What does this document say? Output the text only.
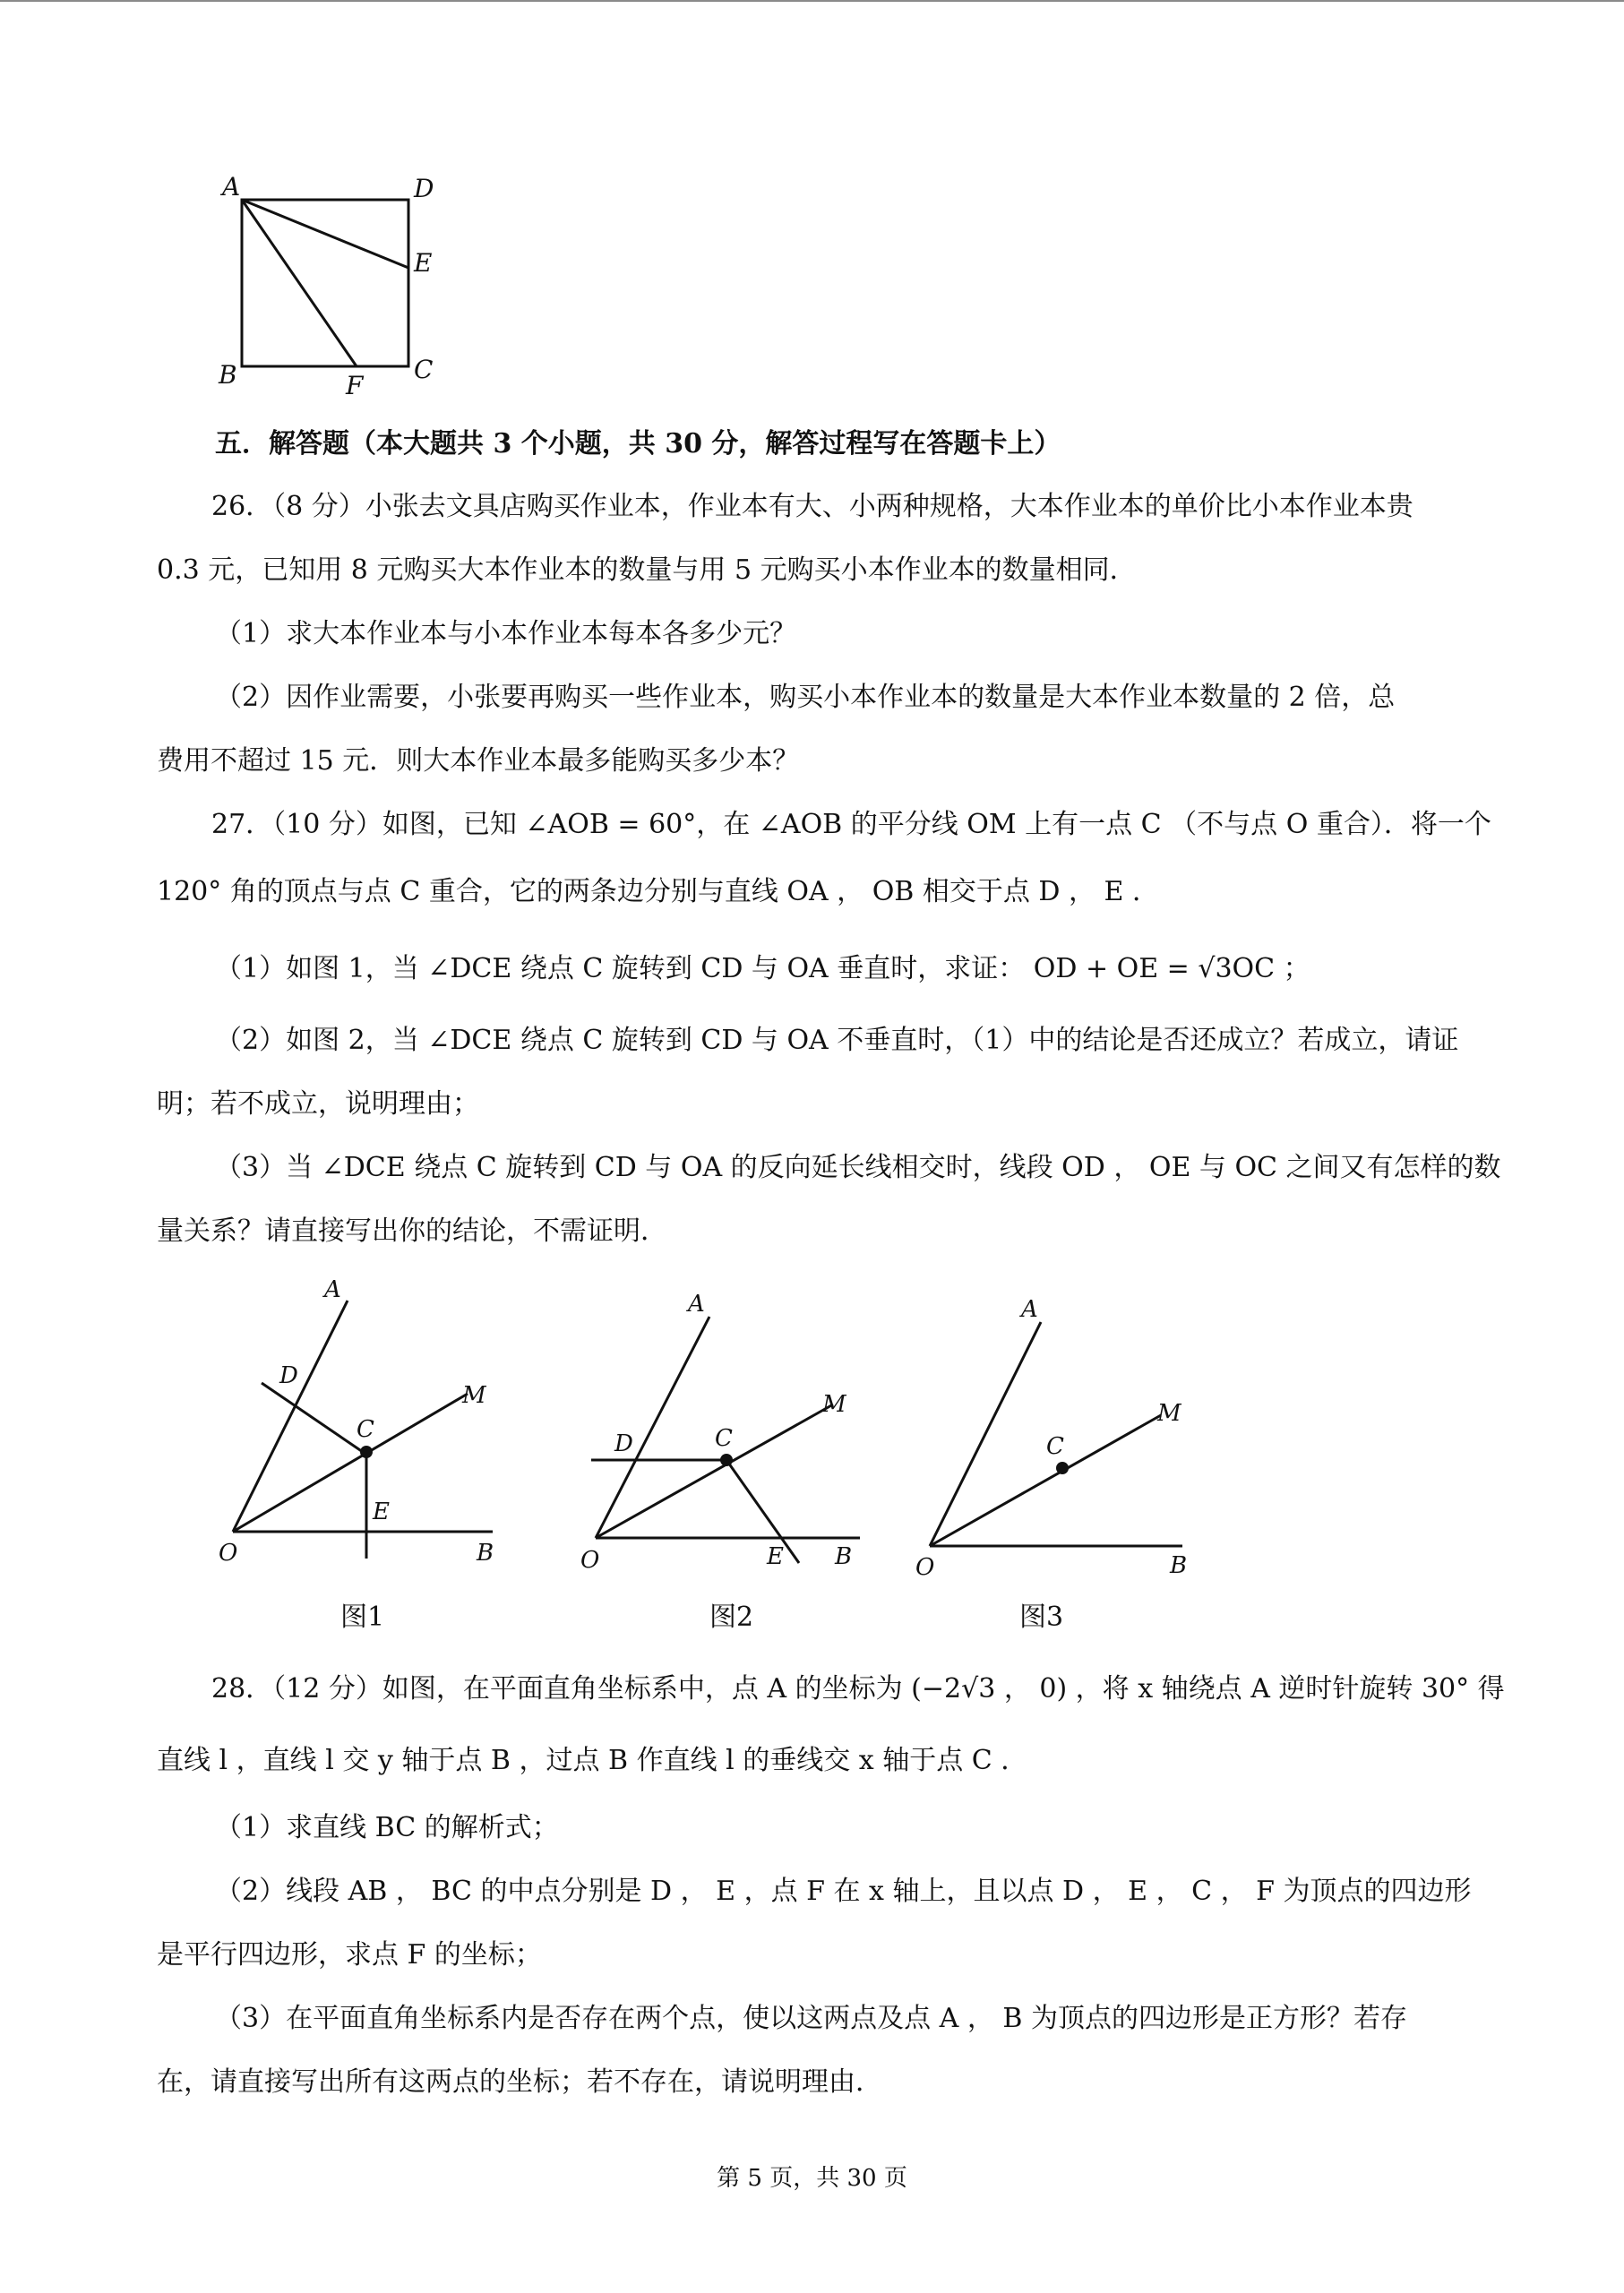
A	D
E
B	F
C

五．解答题（本大题共 3 个小题，共 30 分，解答过程写在答题卡上）

26．（8 分）小张去文具店购买作业本，作业本有大、小两种规格，大本作业本的单价比小本作业本贵

0.3 元，已知用 8 元购买大本作业本的数量与用 5 元购买小本作业本的数量相同．

（1）求大本作业本与小本作业本每本各多少元？

（2）因作业需要，小张要再购买一些作业本，购买小本作业本的数量是大本作业本数量的 2 倍，总

费用不超过 15 元．则大本作业本最多能购买多少本？

27．（10 分）如图，已知 ∠AOB = 60°，在 ∠AOB 的平分线 OM 上有一点 C （不与点 O 重合）．将一个

120° 角的顶点与点 C 重合，它的两条边分别与直线 OA ， OB 相交于点 D ， E ．

（1）如图 1，当 ∠DCE 绕点 C 旋转到 CD 与 OA 垂直时，求证： OD + OE = √3OC ；

（2）如图 2，当 ∠DCE 绕点 C 旋转到 CD 与 OA 不垂直时，（1）中的结论是否还成立？若成立，请证

明；若不成立，说明理由；

（3）当 ∠DCE 绕点 C 旋转到 CD 与 OA 的反向延长线相交时，线段 OD ， OE 与 OC 之间又有怎样的数

量关系？请直接写出你的结论，不需证明．

A
D
C
M
E
O	B
图1
A
D	C
M
O	E B
图2
A
C
M
O	B
图3

28．（12 分）如图，在平面直角坐标系中，点 A 的坐标为 (−2√3 ， 0) ，将 x 轴绕点 A 逆时针旋转 30° 得

直线 l ，直线 l 交 y 轴于点 B ，过点 B 作直线 l 的垂线交 x 轴于点 C ．

（1）求直线 BC 的解析式；

（2）线段 AB ， BC 的中点分别是 D ， E ，点 F 在 x 轴上，且以点 D ， E ， C ， F 为顶点的四边形

是平行四边形，求点 F 的坐标；

（3）在平面直角坐标系内是否存在两个点，使以这两点及点 A ， B 为顶点的四边形是正方形？若存

在，请直接写出所有这两点的坐标；若不存在，请说明理由．

第 5 页，共 30 页
